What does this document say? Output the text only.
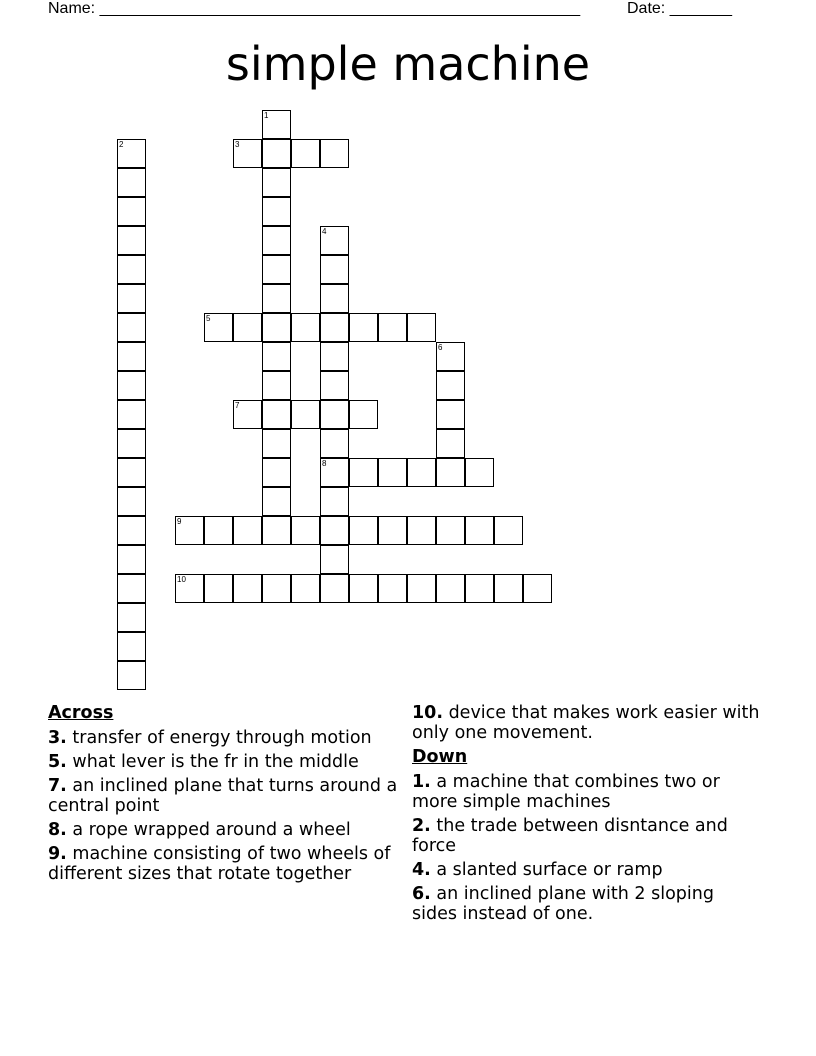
Name: ______________________________________________________	Date: _______
simple machine
1
2	3
4
8
5
6
7
9
10
Across
3. transfer of energy through motion
5. what lever is the fr in the middle
7. an inclined plane that turns around a central point
8. a rope wrapped around a wheel
9. machine consisting of two wheels of different sizes that rotate together
10. device that makes work easier with only one movement.
Down
1. a machine that combines two or more simple machines
2. the trade between disntance and force
4. a slanted surface or ramp
6. an inclined plane with 2 sloping sides instead of one.
